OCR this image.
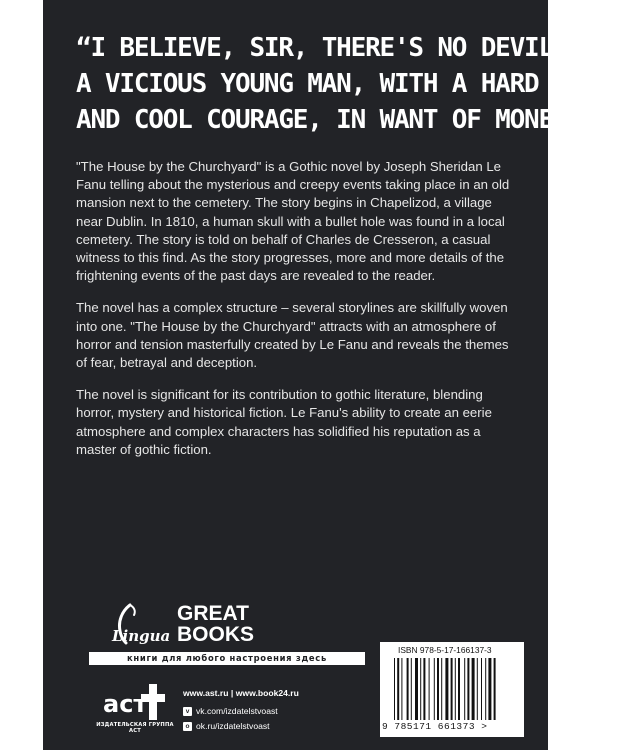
“I BELIEVE, SIR, THERE'S NO DEVIL LIKE
A VICIOUS YOUNG MAN, WITH A HARD HEART
AND COOL COURAGE, IN WANT OF MONEY.”

"The House by the Churchyard" is a Gothic novel by Joseph Sheridan Le Fanu telling about the mysterious and creepy events taking place in an old mansion next to the cemetery. The story begins in Chapelizod, a village near Dublin. In 1810, a human skull with a bullet hole was found in a local cemetery. The story is told on behalf of Charles de Cresseron, a casual witness to this find. As the story progresses, more and more details of the frightening events of the past days are revealed to the reader.

The novel has a complex structure – several storylines are skillfully woven into one. "The House by the Churchyard" attracts with an atmosphere of horror and tension masterfully created by Le Fanu and reveals the themes of fear, betrayal and deception.

The novel is significant for its contribution to gothic literature, blending horror, mystery and historical fiction. Le Fanu's ability to create an eerie atmosphere and complex characters has solidified his reputation as a master of gothic fiction.

Lingua
GREAT
BOOKS
книги для любого настроения здесь
аст
ИЗДАТЕЛЬСКАЯ ГРУППА АСТ
www.ast.ru | www.book24.ru
v vk.com/izdatelstvoast
o ok.ru/izdatelstvoast
ISBN 978-5-17-166137-3
9 785171 661373 >
